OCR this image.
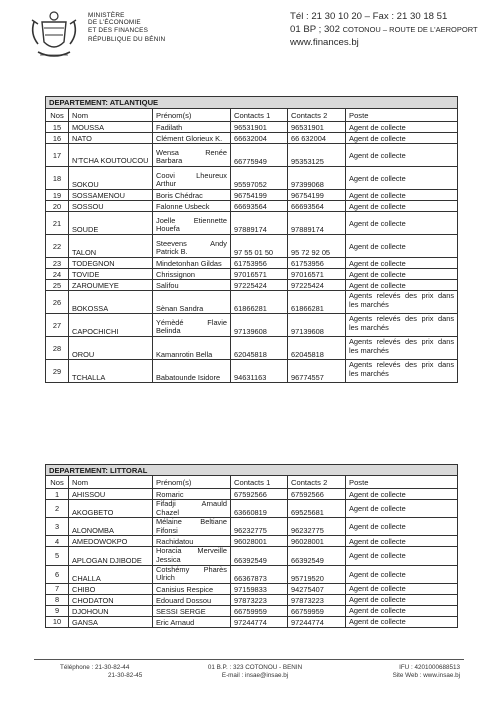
MINISTÈRE
DE L'ÉCONOMIE
ET DES FINANCES
RÉPUBLIQUE DU BÉNIN
Tél : 21 30 10 20 – Fax : 21 30 18 51
01 BP ; 302 COTONOU – ROUTE DE L'AEROPORT
www.finances.bj
DEPARTEMENT: ATLANTIQUE					
Nos	Nom	Prénom(s)	Contacts 1	Contacts 2	Poste
15	MOUSSA	Fadilath	96531901	96531901	Agent de collecte
16	NATO	Clément Glorieux K.	66632004	66 632004	Agent de collecte
17	N'TCHA KOUTOUCOU	Wensa Renée Barbara	66775949	95353125	Agent de collecte
18	SOKOU	Coovi Lheureux Arthur	95597052	97399068	Agent de collecte
19	SOSSAMENOU	Boris Chédrac	96754199	96754199	Agent de collecte
20	SOSSOU	Falonne Usbeck	66693564	66693564	Agent de collecte
21	SOUDE	Joelle Etiennette Houefa	97889174	97889174	Agent de collecte
22	TALON	Steevens Andy Patrick B.	97 55 01 50	95 72 92 05	Agent de collecte
23	TODEGNON	Mindetonhan Gildas	61753956	61753956	Agent de collecte
24	TOVIDE	Chrissignon	97016571	97016571	Agent de collecte
25	ZAROUMEYE	Salifou	97225424	97225424	Agent de collecte
26	BOKOSSA	Sènan Sandra	61866281	61866281	Agents relevés des prix dans les marchés
27	CAPOCHICHI	Yémèdé Flavie Belinda	97139608	97139608	Agents relevés des prix dans les marchés
28	OROU	Kamanrotin Bella	62045818	62045818	Agents relevés des prix dans les marchés
29	TCHALLA	Babatounde Isidore	94631163	96774557	Agents relevés des prix dans les marchés
DEPARTEMENT: LITTORAL					
Nos	Nom	Prénom(s)	Contacts 1	Contacts 2	Poste
1	AHISSOU	Romaric	67592566	67592566	Agent de collecte
2	AKOGBETO	Fifadji Arnauld Chazel	63660819	69525681	Agent de collecte
3	ALONOMBA	Mélaine Beltiane Fifonsi	96232775	96232775	Agent de collecte
4	AMEDOWOKPO	Rachidatou	96028001	96028001	Agent de collecte
5	APLOGAN DJIBODE	Horacia Merveille Jessica	66392549	66392549	Agent de collecte
6	CHALLA	Cotshémy Pharès Ulrich	66367873	95719520	Agent de collecte
7	CHIBO	Canisius Respice	97159833	94275407	Agent de collecte
8	CHODATON	Edouard Dossou	97873223	97873223	Agent de collecte
9	DJOHOUN	SESSI SERGE	66759959	66759959	Agent de collecte
10	GANSA	Eric Arnaud	97244774	97244774	Agent de collecte
Téléphone : 21-30-82-44
21-30-82-45
01 B.P. : 323 COTONOU - BENIN
E-mail : insae@insae.bj
IFU : 4201000688513
Site Web : www.insae.bj
